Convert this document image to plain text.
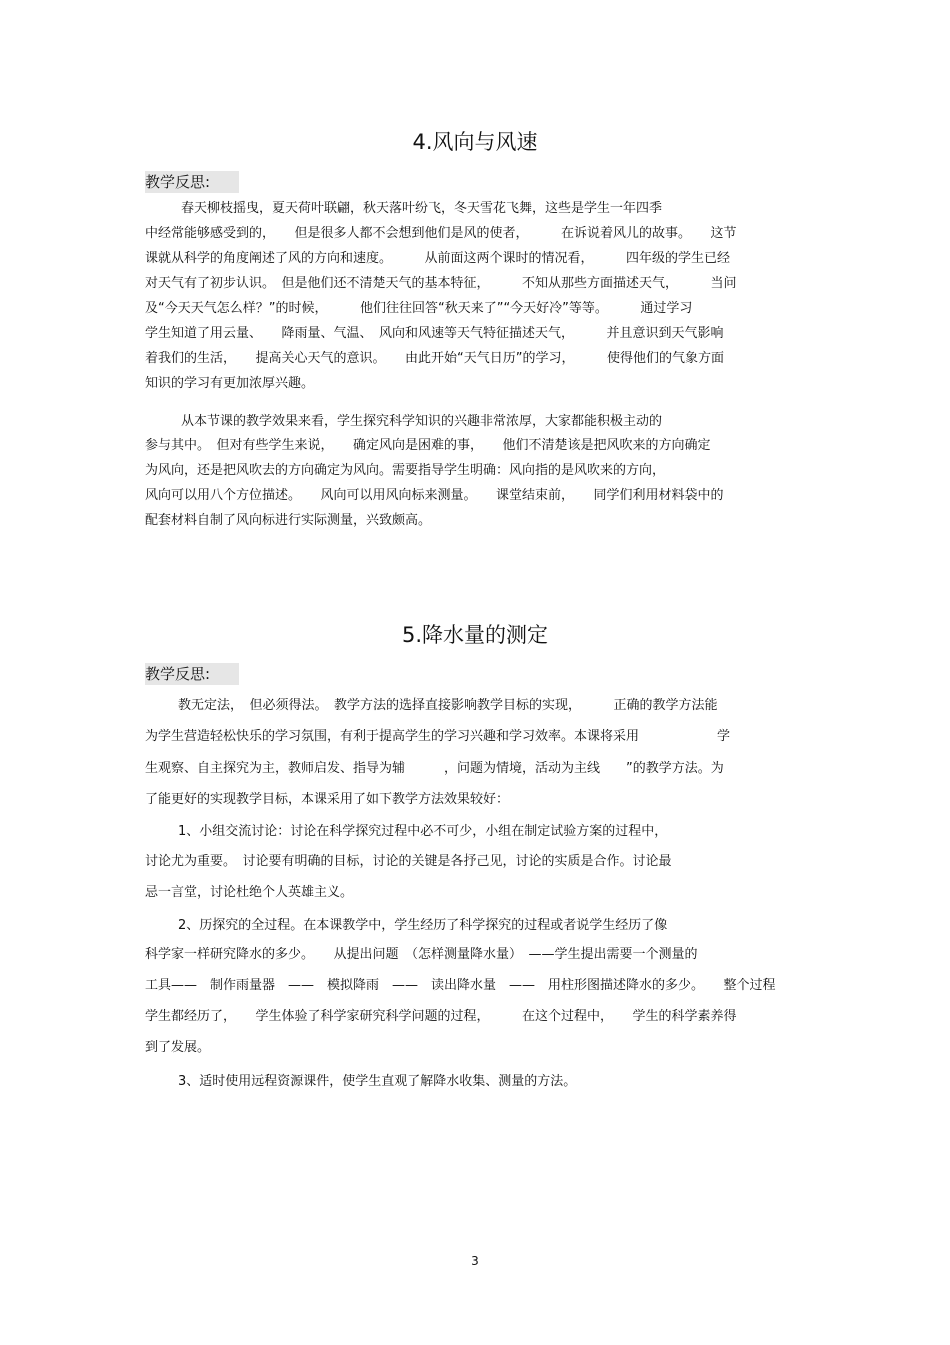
4.风向与风速
教学反思:

春天柳枝摇曳，夏天荷叶联翩，秋天落叶纷飞，冬天雪花飞舞，这些是学生一年四季

中经常能够感受到的，　　但是很多人都不会想到他们是风的使者，　　　在诉说着风儿的故事。　　这节

课就从科学的角度阐述了风的方向和速度。　　　从前面这两个课时的情况看，　　　四年级的学生已经

对天气有了初步认识。　但是他们还不清楚天气的基本特征，　　　不知从那些方面描述天气，　　　当问

及“今天天气怎么样？”的时候，　　　他们往往回答“秋天来了”“今天好冷”等等。　　　通过学习

学生知道了用云量、　　降雨量、气温、　风向和风速等天气特征描述天气，　　　并且意识到天气影响

着我们的生活，　　提高关心天气的意识。　　由此开始“天气日历”的学习，　　　使得他们的气象方面

知识的学习有更加浓厚兴趣。

从本节课的教学效果来看，学生探究科学知识的兴趣非常浓厚，大家都能积极主动的

参与其中。　但对有些学生来说，　　确定风向是困难的事，　　他们不清楚该是把风吹来的方向确定

为风向，还是把风吹去的方向确定为风向。需要指导学生明确：风向指的是风吹来的方向，

风向可以用八个方位描述。　　风向可以用风向标来测量。　　课堂结束前，　　同学们利用材料袋中的

配套材料自制了风向标进行实际测量，兴致颇高。

5.降水量的测定
教学反思:

教无定法，　但必须得法。　教学方法的选择直接影响教学目标的实现，　　　正确的教学方法能

为学生营造轻松快乐的学习氛围，有利于提高学生的学习兴趣和学习效率。本课将采用　　　　　　学

生观察、自主探究为主，教师启发、指导为辅　　　，问题为情境，活动为主线　　”的教学方法。为

了能更好的实现教学目标，本课采用了如下教学方法效果较好：

1、小组交流讨论：讨论在科学探究过程中必不可少，小组在制定试验方案的过程中，

讨论尤为重要。　讨论要有明确的目标，讨论的关键是各抒己见，讨论的实质是合作。讨论最

忌一言堂，讨论杜绝个人英雄主义。

2、历探究的全过程。在本课教学中，学生经历了科学探究的过程或者说学生经历了像

科学家一样研究降水的多少。　　从提出问题　（怎样测量降水量）　——学生提出需要一个测量的

工具——　制作雨量器　——　模拟降雨　——　读出降水量　——　用柱形图描述降水的多少。　　整个过程

学生都经历了，　　学生体验了科学家研究科学问题的过程，　　　在这个过程中，　　学生的科学素养得

到了发展。

3、适时使用远程资源课件，使学生直观了解降水收集、测量的方法。

3
